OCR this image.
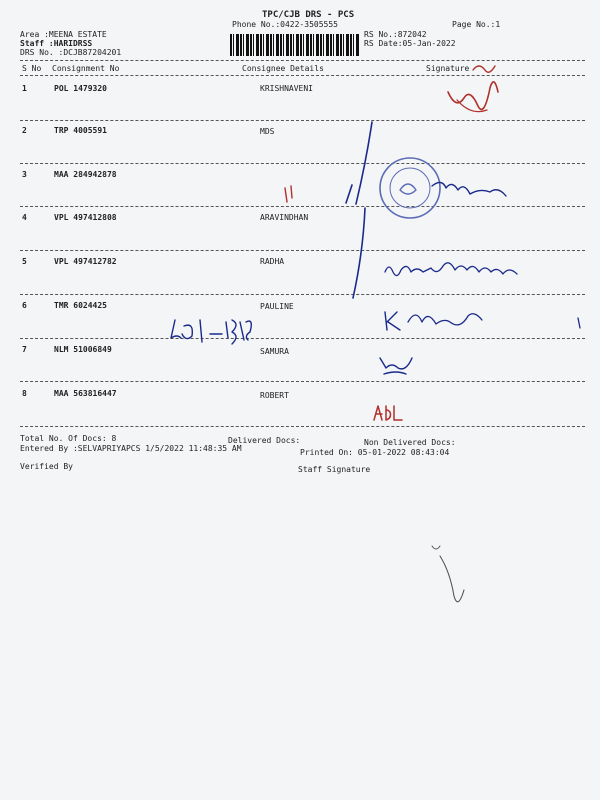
TPC/CJB DRS - PCS
Phone No.:0422-3505555	Page No.:1
Area :MEENA ESTATE
Staff :HARIDRSS
DRS No. :DCJB87204201
RS No.:872042
RS Date:05-Jan-2022
S No Consignment No	Consignee Details	Signature
1	POL 1479320	KRISHNAVENI
2	TRP 4005591	MDS
3	MAA 284942878
4	VPL 497412808	ARAVINDHAN
5	VPL 497412782	RADHA
6	TMR 6024425	PAULINE
7	NLM 51006849	SAMURA
8	MAA 563816447	ROBERT
Total No. Of Docs: 8	Delivered Docs:	Non Delivered Docs:
Entered By :SELVAPRIYAPCS 1/5/2022 11:48:35 AM	Printed On: 05-01-2022 08:43:04
Verified By	Staff Signature
